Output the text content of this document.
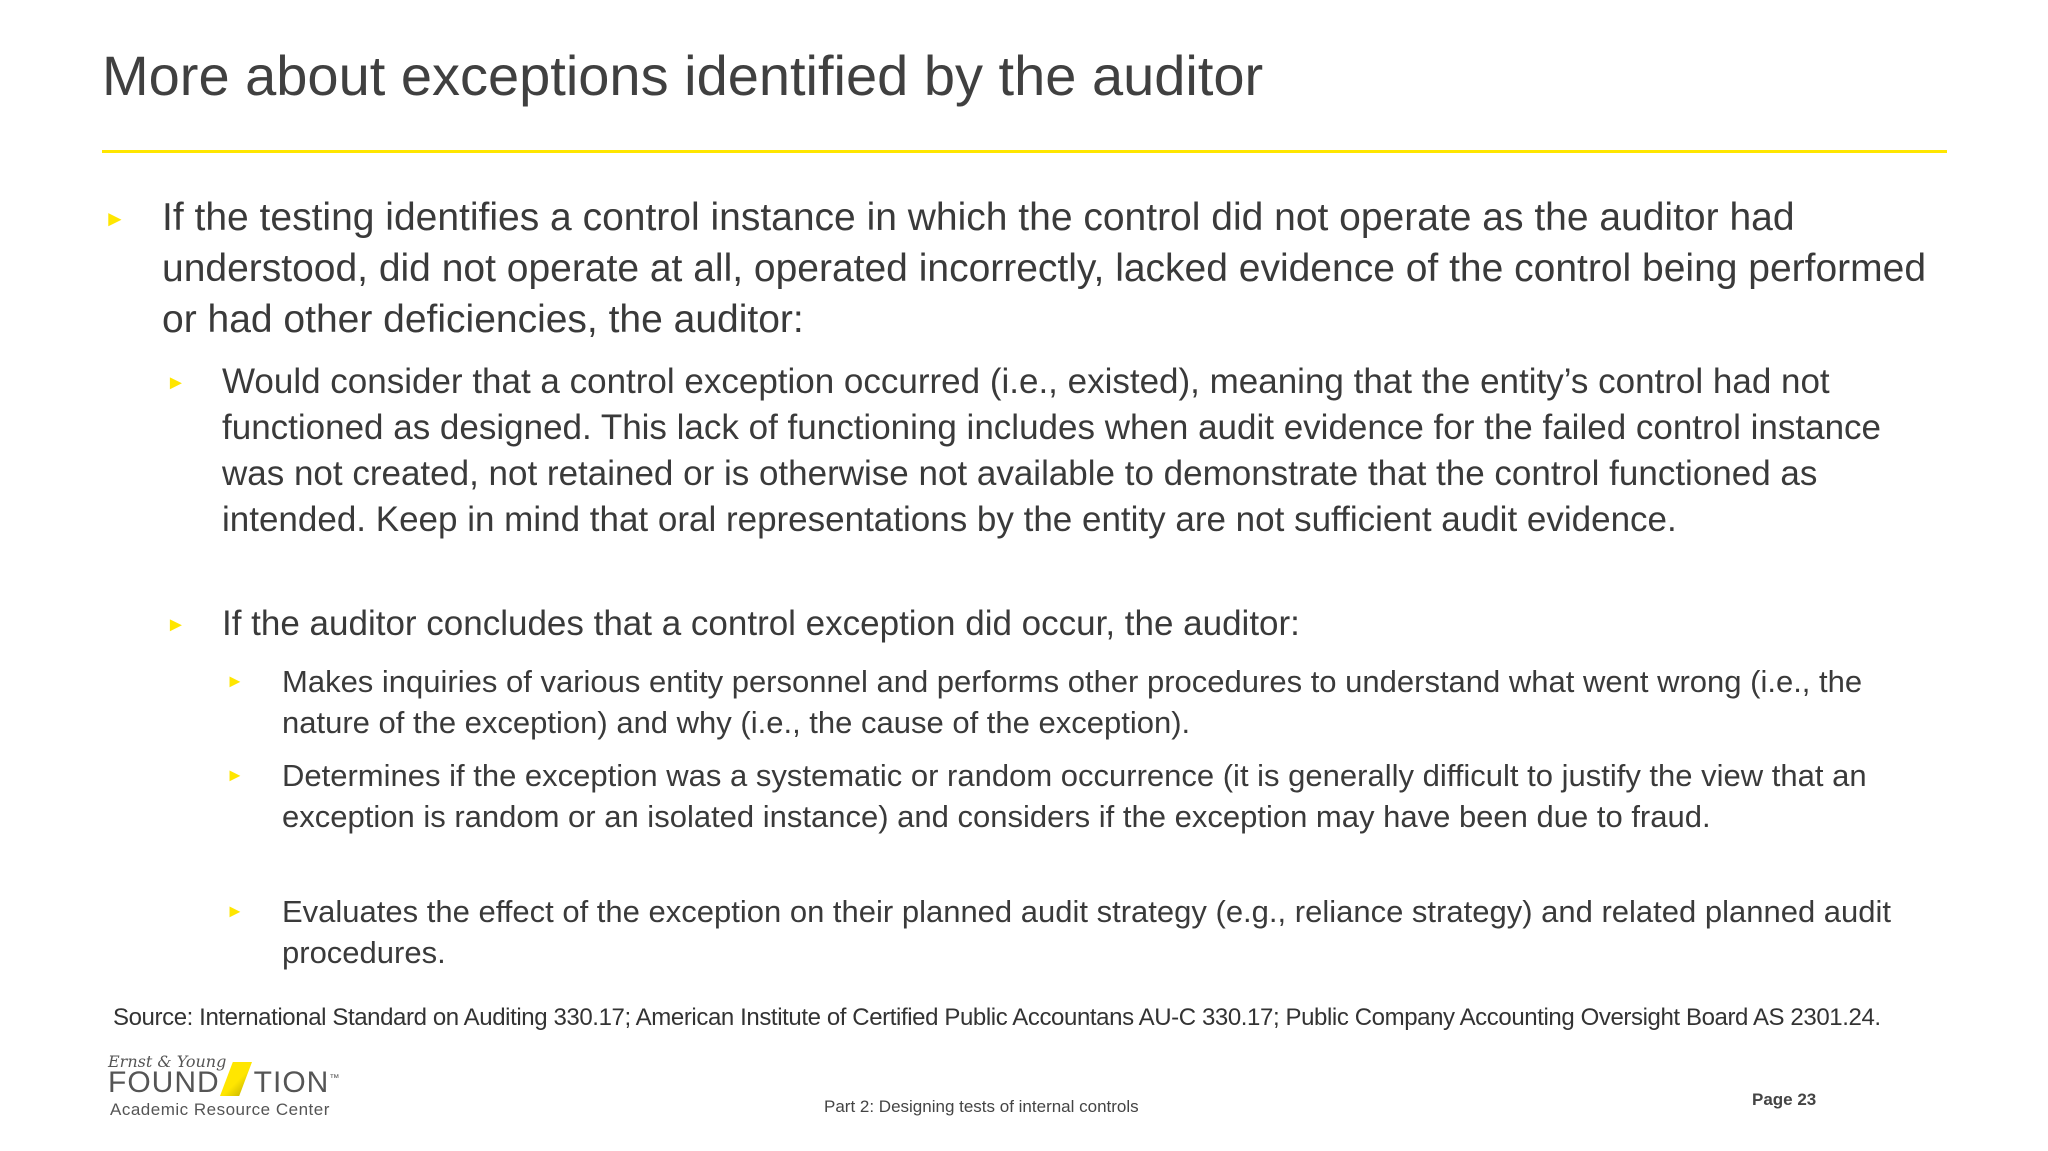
More about exceptions identified by the auditor
► If the testing identifies a control instance in which the control did not operate as the auditor had understood, did not operate at all, operated incorrectly, lacked evidence of the control being performed or had other deficiencies, the auditor:
► Would consider that a control exception occurred (i.e., existed), meaning that the entity’s control had not functioned as designed. This lack of functioning includes when audit evidence for the failed control instance was not created, not retained or is otherwise not available to demonstrate that the control functioned as intended. Keep in mind that oral representations by the entity are not sufficient audit evidence.
► If the auditor concludes that a control exception did occur, the auditor:
► Makes inquiries of various entity personnel and performs other procedures to understand what went wrong (i.e., the nature of the exception) and why (i.e., the cause of the exception).
► Determines if the exception was a systematic or random occurrence (it is generally difficult to justify the view that an exception is random or an isolated instance) and considers if the exception may have been due to fraud.
► Evaluates the effect of the exception on their planned audit strategy (e.g., reliance strategy) and related planned audit procedures.
Source: International Standard on Auditing 330.17; American Institute of Certified Public Accountans AU-C 330.17; Public Company Accounting Oversight Board AS 2301.24.
Ernst & Young
FOUND TION™
Academic Resource Center	Part 2: Designing tests of internal controls	Page 23
